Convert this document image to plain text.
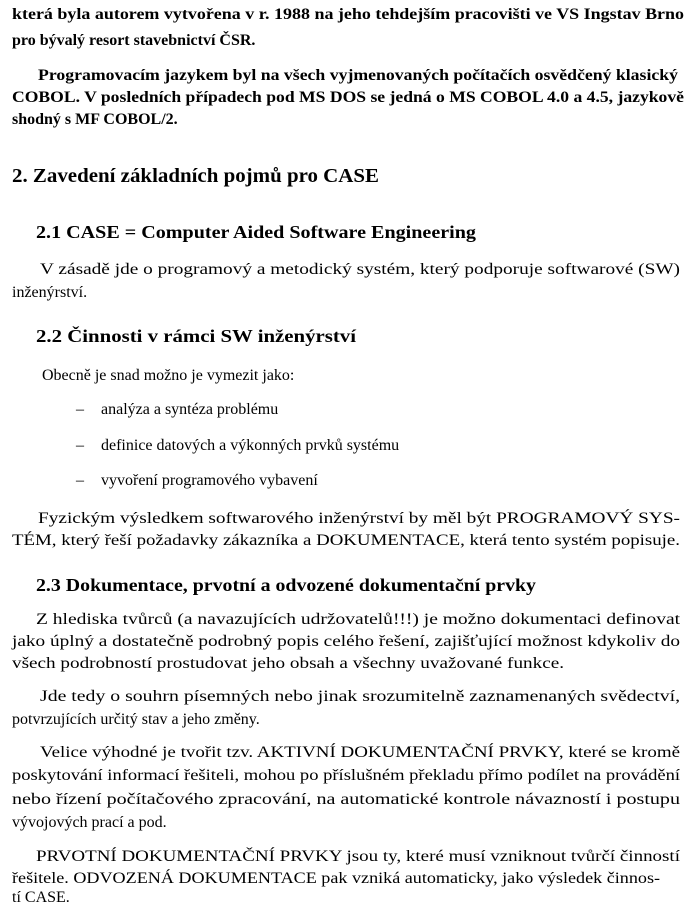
která byla autorem vytvořena v r. 1988 na jeho tehdejším pracovišti ve VS Ingstav Brno
pro bývalý resort stavebnictví ČSR.
Programovacím jazykem byl na všech vyjmenovaných počítačích osvědčený klasický
COBOL. V posledních případech pod MS DOS se jedná o MS COBOL 4.0 a 4.5, jazykově
shodný s MF COBOL/2.
2. Zavedení základních pojmů pro CASE
2.1 CASE = Computer Aided Software Engineering
V zásadě jde o programový a metodický systém, který podporuje softwarové (SW)
inženýrství.
2.2 Činnosti v rámci SW inženýrství
Obecně je snad možno je vymezit jako:
– analýza a syntéza problému
– definice datových a výkonných prvků systému
– vyvoření programového vybavení
Fyzickým výsledkem softwarového inženýrství by měl být PROGRAMOVÝ SYS-
TÉM, který řeší požadavky zákazníka a DOKUMENTACE, která tento systém popisuje.
2.3 Dokumentace, prvotní a odvozené dokumentační prvky
Z hlediska tvůrců (a navazujících udržovatelů!!!) je možno dokumentaci definovat
jako úplný a dostatečně podrobný popis celého řešení, zajišťující možnost kdykoliv do
všech podrobností prostudovat jeho obsah a všechny uvažované funkce.
Jde tedy o souhrn písemných nebo jinak srozumitelně zaznamenaných svědectví,
potvrzujících určitý stav a jeho změny.
Velice výhodné je tvořit tzv. AKTIVNÍ DOKUMENTAČNÍ PRVKY, které se kromě
poskytování informací řešiteli, mohou po příslušném překladu přímo podílet na provádění
nebo řízení počítačového zpracování, na automatické kontrole návazností i postupu
vývojových prací a pod.
PRVOTNÍ DOKUMENTAČNÍ PRVKY jsou ty, které musí vzniknout tvůrčí činností
řešitele. ODVOZENÁ DOKUMENTACE pak vzniká automaticky, jako výsledek činnos-
tí CASE.
